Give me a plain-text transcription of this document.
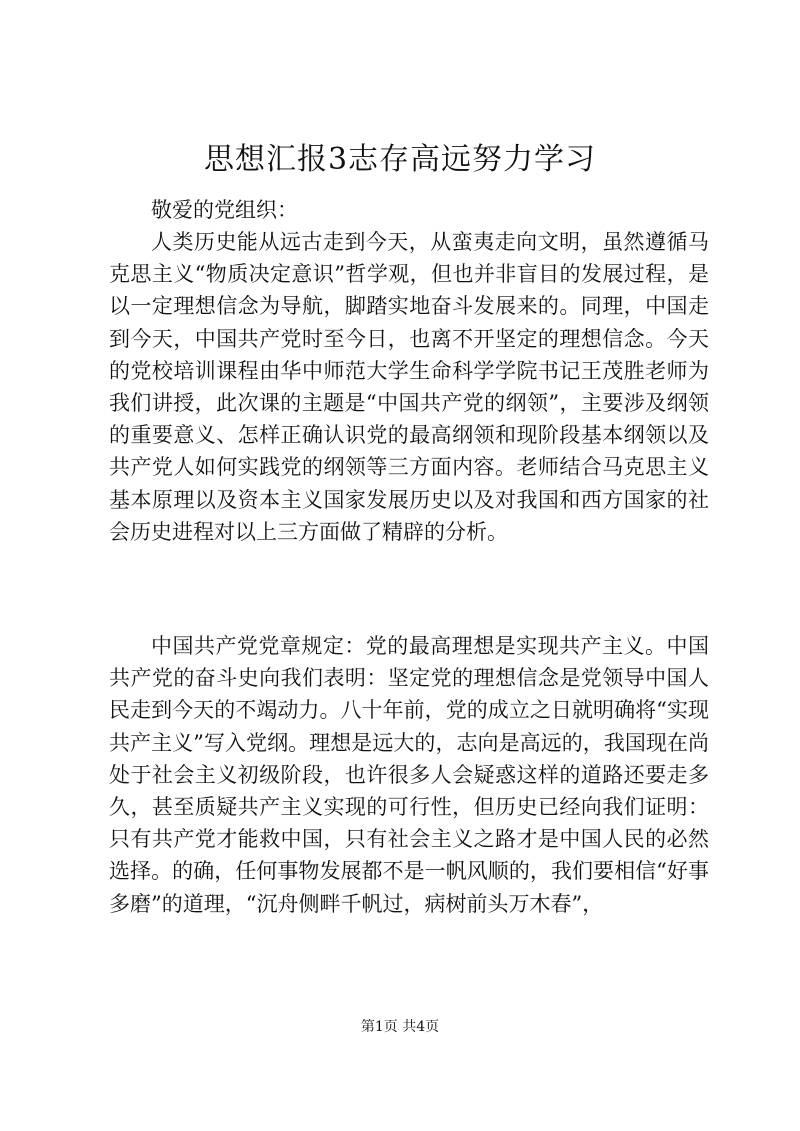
思想汇报3志存高远努力学习

敬爱的党组织：

人类历史能从远古走到今天，从蛮夷走向文明，虽然遵循马克思主义“物质决定意识”哲学观，但也并非盲目的发展过程，是以一定理想信念为导航，脚踏实地奋斗发展来的。同理，中国走到今天，中国共产党时至今日，也离不开坚定的理想信念。今天的党校培训课程由华中师范大学生命科学学院书记王茂胜老师为我们讲授，此次课的主题是“中国共产党的纲领”，主要涉及纲领的重要意义、怎样正确认识党的最高纲领和现阶段基本纲领以及共产党人如何实践党的纲领等三方面内容。老师结合马克思主义基本原理以及资本主义国家发展历史以及对我国和西方国家的社会历史进程对以上三方面做了精辟的分析。

中国共产党党章规定：党的最高理想是实现共产主义。中国共产党的奋斗史向我们表明：坚定党的理想信念是党领导中国人民走到今天的不竭动力。八十年前，党的成立之日就明确将“实现共产主义”写入党纲。理想是远大的，志向是高远的，我国现在尚处于社会主义初级阶段，也许很多人会疑惑这样的道路还要走多久，甚至质疑共产主义实现的可行性，但历史已经向我们证明：只有共产党才能救中国，只有社会主义之路才是中国人民的必然选择。的确，任何事物发展都不是一帆风顺的，我们要相信“好事多磨”的道理，“沉舟侧畔千帆过，病树前头万木春”，

第1页 共4页
